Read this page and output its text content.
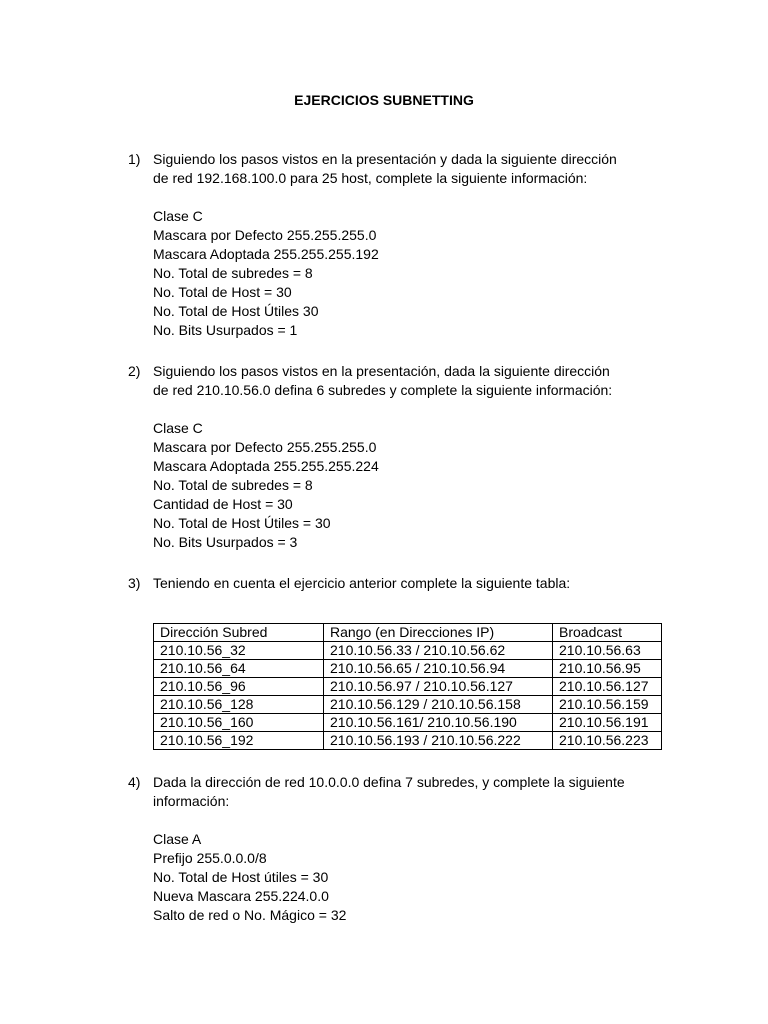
EJERCICIOS SUBNETTING
1) Siguiendo los pasos vistos en la presentación y dada la siguiente dirección
de red 192.168.100.0 para 25 host, complete la siguiente información:
Clase C
Mascara por Defecto 255.255.255.0
Mascara Adoptada 255.255.255.192
No. Total de subredes = 8
No. Total de Host = 30
No. Total de Host Útiles 30
No. Bits Usurpados = 1
2) Siguiendo los pasos vistos en la presentación, dada la siguiente dirección
de red 210.10.56.0 defina 6 subredes y complete la siguiente información:
Clase C
Mascara por Defecto 255.255.255.0
Mascara Adoptada 255.255.255.224
No. Total de subredes = 8
Cantidad de Host = 30
No. Total de Host Útiles = 30
No. Bits Usurpados = 3
3) Teniendo en cuenta el ejercicio anterior complete la siguiente tabla:
Dirección Subred	Rango (en Direcciones IP)	Broadcast
210.10.56_32	210.10.56.33 / 210.10.56.62	210.10.56.63
210.10.56_64	210.10.56.65 / 210.10.56.94	210.10.56.95
210.10.56_96	210.10.56.97 / 210.10.56.127	210.10.56.127
210.10.56_128	210.10.56.129 / 210.10.56.158	210.10.56.159
210.10.56_160	210.10.56.161/ 210.10.56.190	210.10.56.191
210.10.56_192	210.10.56.193 / 210.10.56.222	210.10.56.223
4) Dada la dirección de red 10.0.0.0 defina 7 subredes, y complete la siguiente
información:
Clase A
Prefijo 255.0.0.0/8
No. Total de Host útiles = 30
Nueva Mascara 255.224.0.0
Salto de red o No. Mágico = 32
